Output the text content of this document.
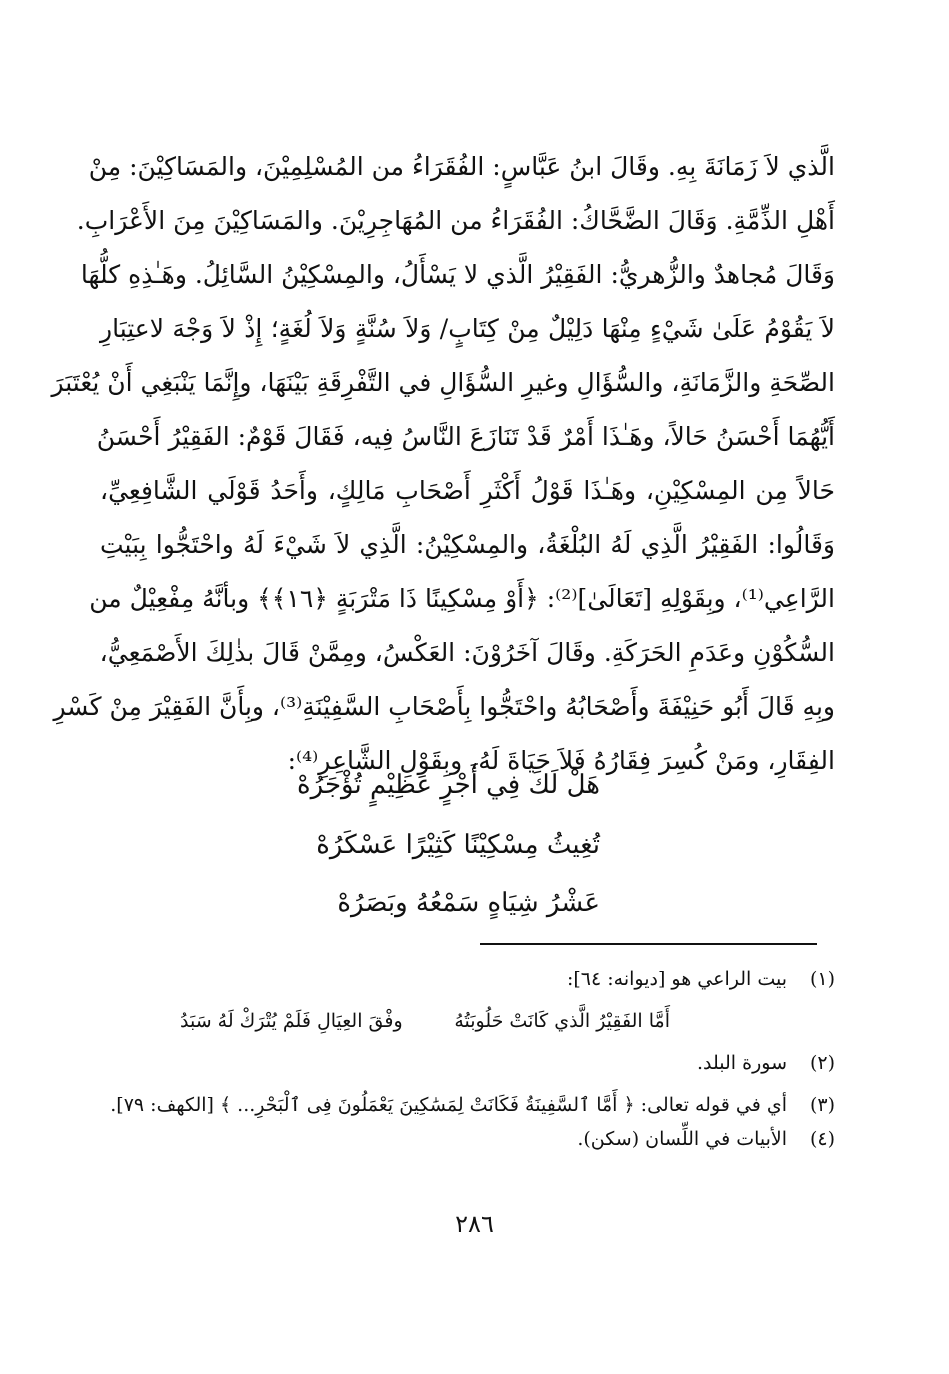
الَّذي لاَ زَمَانَةَ بِهِ. وقَالَ ابنُ عَبَّاسٍ: الفُقَرَاءُ من المُسْلِمِيْنَ، والمَسَاكِيْنَ: مِنْ
أَهْلِ الذِّمَّةِ. وَقَالَ الضَّحَّاكُ: الفُقَرَاءُ من المُهَاجِرِيْنَ. والمَسَاكِيْنَ مِنَ الأَعْرَابِ.
وَقَالَ مُجاهدٌ والزُّهريُّ: الفَقِيْرُ الَّذي لا يَسْأَلُ، والمِسْكِيْنُ السَّائِلُ. وهَـٰذِهِ كلُّهَا
لاَ يَقُوْمُ عَلَىٰ شَيْءٍ مِنْهَا دَلِيْلٌ مِنْ كِتَابٍ/ وَلاَ سُنَّةٍ وَلاَ لُغَةٍ؛ إِذْ لاَ وَجْهَ لاعتِبَارِ
الصِّحَةِ والزَّمَانَةِ، والسُّؤَالِ وغيرِ السُّؤَالِ في التَّفْرِقَةِ بَيْنَهَا، وإِنَّمَا يَنْبَغِي أَنْ يُعْتَبَرَ
أَيُّهُمَا أَحْسَنُ حَالاً، وهَـٰذَا أَمْرٌ قَدْ تَنَازَعَ النَّاسُ فِيه، فَقَالَ قَوْمٌ: الفَقِيْرُ أَحْسَنُ
حَالاً مِن المِسْكِيْنِ، وهَـٰذَا قَوْلُ أَكْثَرِ أَصْحَابِ مَالِكٍ، وأَحَدُ قَوْلَي الشَّافِعِيِّ،
وَقَالُوا: الفَقِيْرُ الَّذِي لَهُ البُلْغَةُ، والمِسْكِيْنُ: الَّذِي لاَ شَيْءَ لَهُ واحْتَجُّوا بِبَيْتِ
الرَّاعِي⁽¹⁾، وبِقَوْلِهِ [تَعَالَىٰ]⁽²⁾: ﴿أَوْ مِسْكِينًا ذَا مَتْرَبَةٍ ﴿١٦﴾﴾ وبأنَّهُ مِفْعِيْلٌ من
السُّكُوْنِ وعَدَمِ الحَرَكَةِ. وقَالَ آخَرُوْنَ: العَكْسُ، ومِمَّنْ قَالَ بذٰلِكَ الأَصْمَعِيُّ،
وبِهِ قَالَ أَبُو حَنِيْفَةَ وأَصْحَابُهُ واحْتَجُّوا بِأَصْحَابِ السَّفِيْنَةِ⁽³⁾، وبِأَنَّ الفَقِيْرَ مِنْ كَسْرِ
الفِقَارِ، ومَنْ كُسِرَ فِقَارُهُ فَلاَ حَيَاةَ لَهُ، وبِقَوْلِ الشَّاعِرِ⁽⁴⁾:
هَلْ لَكَ فِي أَجْرٍ عَظِيْمٍ تُؤْجَرُهْ
تُغِيثُ مِسْكِيْنًا كَثِيْرًا عَسْكَرُهْ
عَشْرُ شِيَاهٍ سَمْعُهُ وبَصَرُهْ
(١)
بيت الراعي هو [ديوانه: ٦٤]:
أَمَّا الفَقِيْرُ الَّذي كَانَتْ حَلُوبَتُهُ
وفْقَ العِيَالِ فَلَمْ يُتْرَكْ لَهُ سَبَدُ
(٢)
سورة البلد.
(٣)
أي في قوله تعالى: ﴿ أَمَّا ٱلسَّفِينَةُ فَكَانَتْ لِمَسَٰكِينَ يَعْمَلُونَ فِى ٱلْبَحْرِ... ﴾ [الكهف: ٧٩].
(٤)
الأبيات في اللِّسان (سكن).
٢٨٦
